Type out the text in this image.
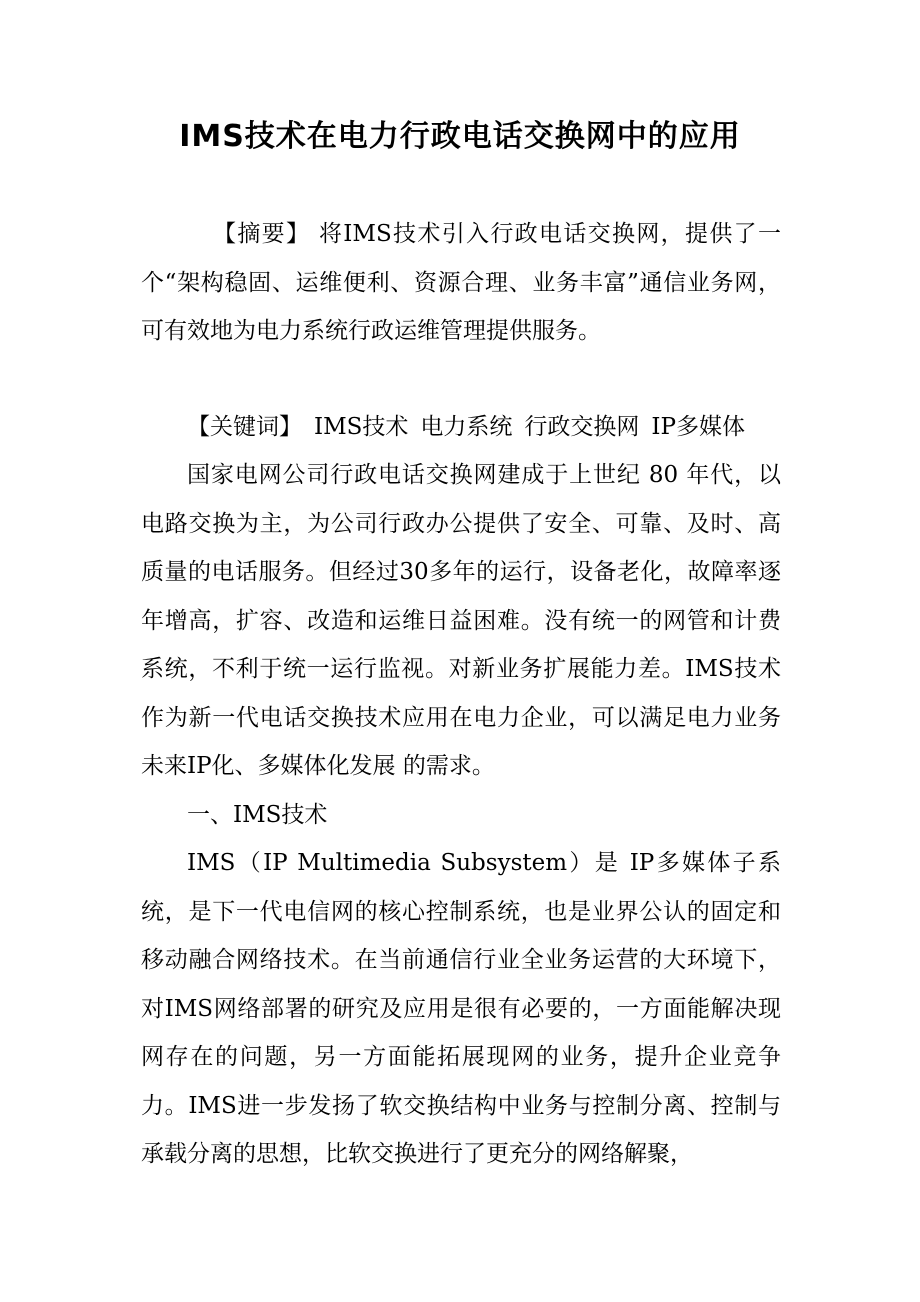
IMS技术在电力行政电话交换网中的应用

【摘要】 将IMS技术引入行政电话交换网，提供了一个“架构稳固、运维便利、资源合理、业务丰富”通信业务网，可有效地为电力系统行政运维管理提供服务。

【关键词】 IMS技术 电力系统 行政交换网 IP多媒体

国家电网公司行政电话交换网建成于上世纪 80 年代，以电路交换为主，为公司行政办公提供了安全、可靠、及时、高质量的电话服务。但经过30多年的运行，设备老化，故障率逐年增高，扩容、改造和运维日益困难。没有统一的网管和计费系统，不利于统一运行监视。对新业务扩展能力差。IMS技术作为新一代电话交换技术应用在电力企业，可以满足电力业务未来IP化、多媒体化发展 的需求。

一、IMS技术

IMS（IP Multimedia Subsystem）是 IP多媒体子系统，是下一代电信网的核心控制系统，也是业界公认的固定和移动融合网络技术。在当前通信行业全业务运营的大环境下，对IMS网络部署的研究及应用是很有必要的，一方面能解决现网存在的问题，另一方面能拓展现网的业务，提升企业竞争力。IMS进一步发扬了软交换结构中业务与控制分离、控制与承载分离的思想，比软交换进行了更充分的网络解聚，
